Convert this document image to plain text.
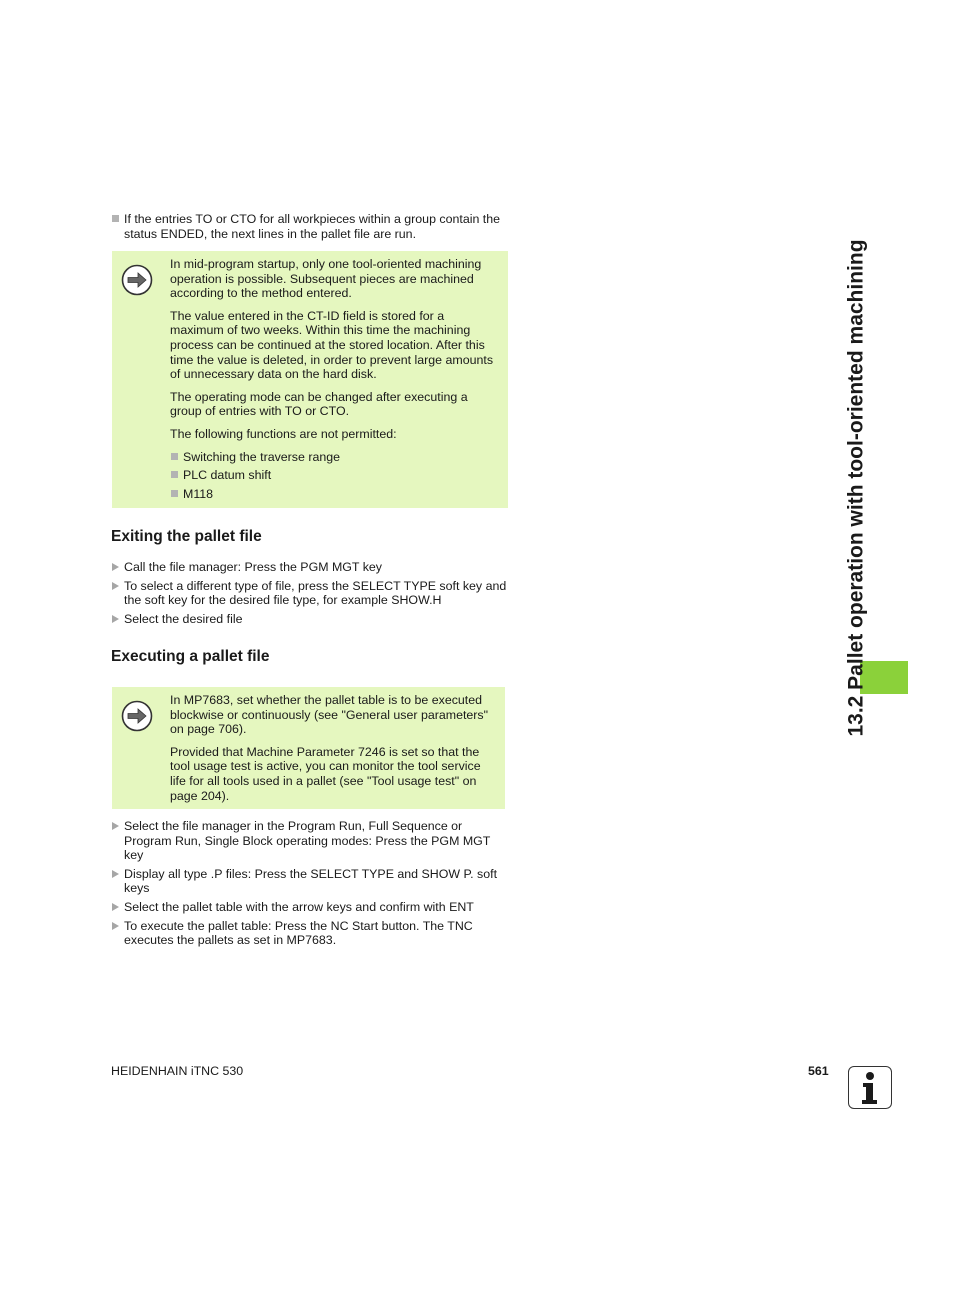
If the entries TO or CTO for all workpieces within a group contain the status ENDED, the next lines in the pallet file are run.

In mid-program startup, only one tool-oriented machining operation is possible. Subsequent pieces are machined according to the method entered.

The value entered in the CT-ID field is stored for a maximum of two weeks. Within this time the machining process can be continued at the stored location. After this time the value is deleted, in order to prevent large amounts of unnecessary data on the hard disk.

The operating mode can be changed after executing a group of entries with TO or CTO.

The following functions are not permitted:

Switching the traverse range
PLC datum shift
M118
Exiting the pallet file
Call the file manager: Press the PGM MGT key
To select a different type of file, press the SELECT TYPE soft key and the soft key for the desired file type, for example SHOW.H
Select the desired file
Executing a pallet file

In MP7683, set whether the pallet table is to be executed blockwise or continuously (see "General user parameters" on page 706).

Provided that Machine Parameter 7246 is set so that the tool usage test is active, you can monitor the tool service life for all tools used in a pallet (see "Tool usage test" on page 204).

Select the file manager in the Program Run, Full Sequence or Program Run, Single Block operating modes: Press the PGM MGT key
Display all type .P files: Press the SELECT TYPE and SHOW P. soft keys
Select the pallet table with the arrow keys and confirm with ENT
To execute the pallet table: Press the NC Start button. The TNC executes the pallets as set in MP7683.
13.2 Pallet operation with tool-oriented machining
HEIDENHAIN iTNC 530	561
